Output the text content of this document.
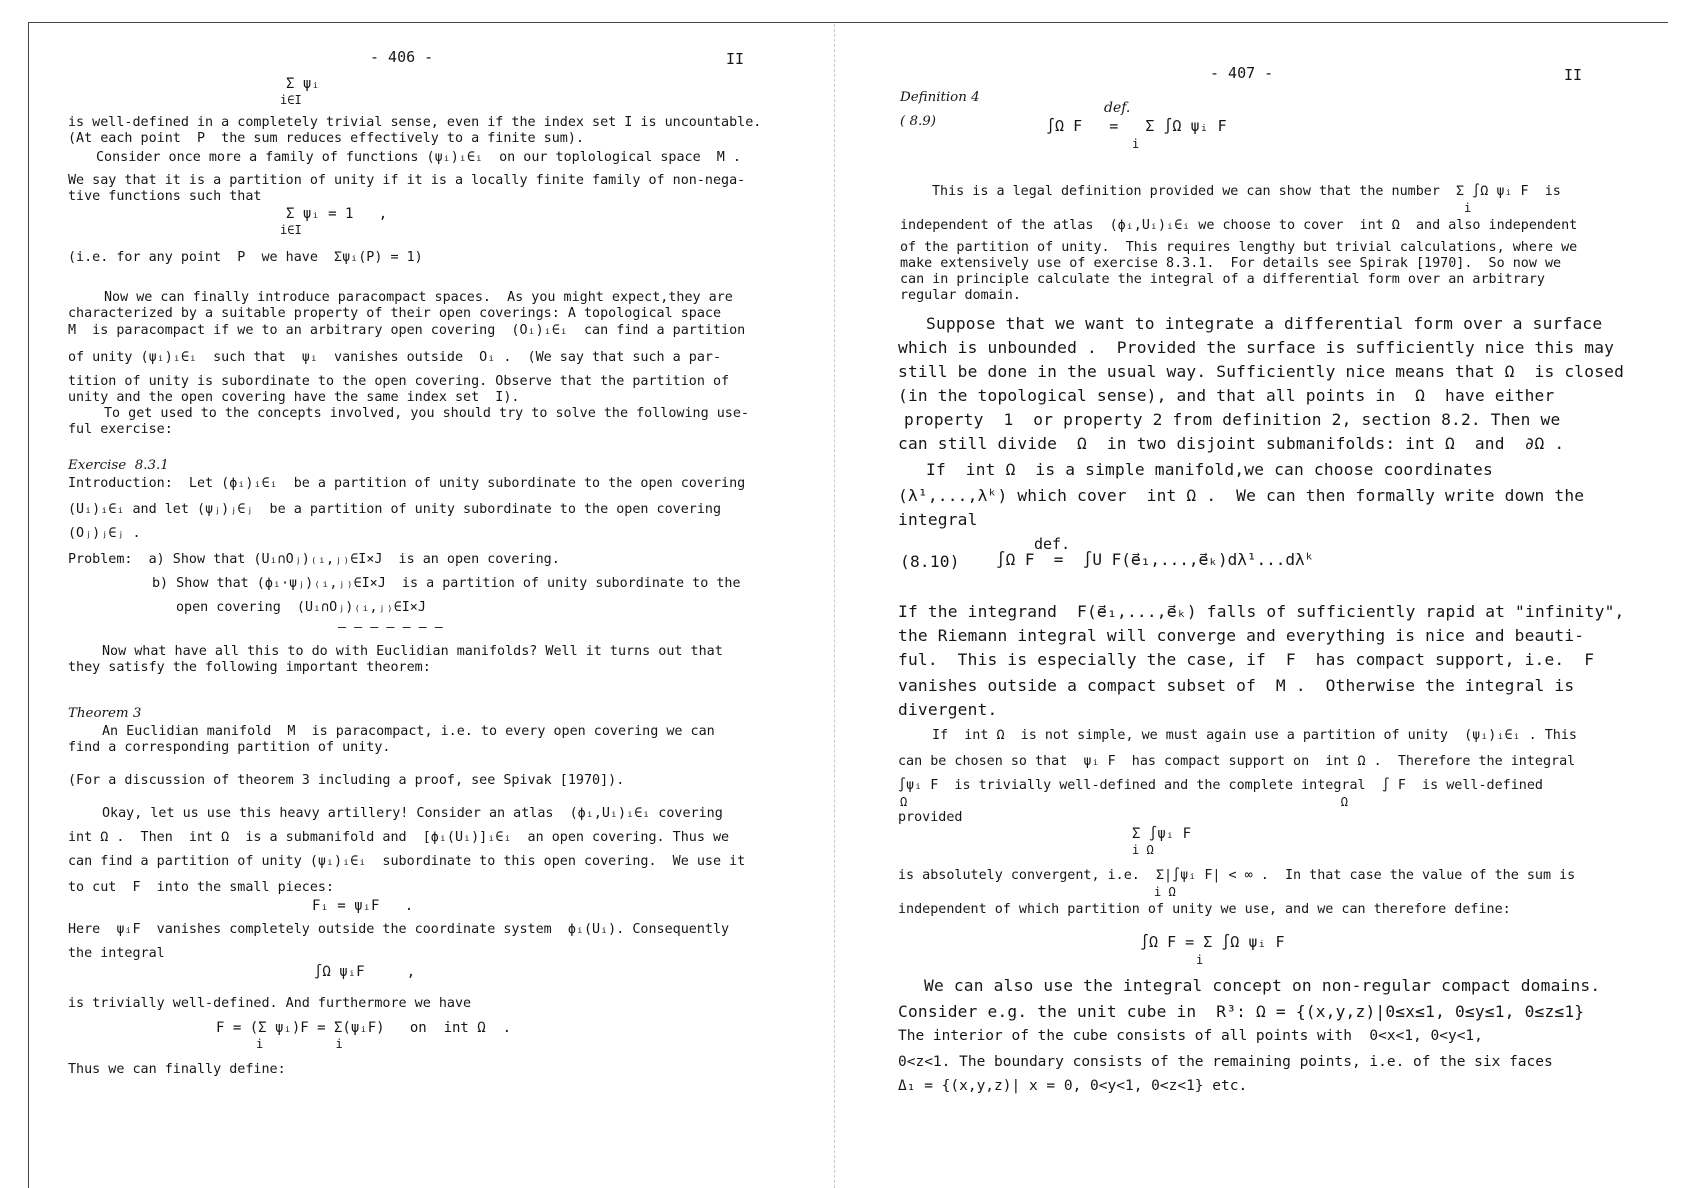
- 406 -	II
Σ ψᵢ
i∈I
is well-defined in a completely trivial sense, even if the index set I is uncountable.
(At each point  P  the sum reduces effectively to a finite sum).
Consider once more a family of functions (ψᵢ)ᵢ∈ᵢ  on our toplological space  M .
We say that it is a partition of unity if it is a locally finite family of non-nega-
tive functions such that
Σ ψᵢ = 1   ,
i∈I
(i.e. for any point  P  we have  Σψᵢ(P) = 1)
Now we can finally introduce paracompact spaces.  As you might expect,they are
characterized by a suitable property of their open coverings: A topological space
M  is paracompact if we to an arbitrary open covering  (Oᵢ)ᵢ∈ᵢ  can find a partition
of unity (ψᵢ)ᵢ∈ᵢ  such that  ψᵢ  vanishes outside  Oᵢ .  (We say that such a par-
tition of unity is subordinate to the open covering. Observe that the partition of
unity and the open covering have the same index set  I).
To get used to the concepts involved, you should try to solve the following use-
ful exercise:
Exercise  8.3.1
Introduction:  Let (ϕᵢ)ᵢ∈ᵢ  be a partition of unity subordinate to the open covering
(Uᵢ)ᵢ∈ᵢ and let (ψⱼ)ⱼ∈ⱼ  be a partition of unity subordinate to the open covering
(Oⱼ)ⱼ∈ⱼ .
Problem:  a) Show that (Uᵢ∩Oⱼ)₍ᵢ,ⱼ₎∈I×J  is an open covering.
b) Show that (ϕᵢ·ψⱼ)₍ᵢ,ⱼ₎∈I×J  is a partition of unity subordinate to the
open covering  (Uᵢ∩Oⱼ)₍ᵢ,ⱼ₎∈I×J
— — — — — — —
Now what have all this to do with Euclidian manifolds? Well it turns out that
they satisfy the following important theorem:
Theorem 3
An Euclidian manifold  M  is paracompact, i.e. to every open covering we can
find a corresponding partition of unity.
(For a discussion of theorem 3 including a proof, see Spivak [1970]).
Okay, let us use this heavy artillery! Consider an atlas  (ϕᵢ,Uᵢ)ᵢ∈ᵢ covering
int Ω .  Then  int Ω  is a submanifold and  [ϕᵢ(Uᵢ)]ᵢ∈ᵢ  an open covering. Thus we
can find a partition of unity (ψᵢ)ᵢ∈ᵢ  subordinate to this open covering.  We use it
to cut  F  into the small pieces:
Fᵢ = ψᵢF   .
Here  ψᵢF  vanishes completely outside the coordinate system  ϕᵢ(Uᵢ). Consequently
the integral
∫Ω ψᵢF     ,
is trivially well-defined. And furthermore we have
F = (Σ ψᵢ)F = Σ(ψᵢF)   on  int Ω  .
i          i
Thus we can finally define:
- 407 -	II
Definition 4
( 8.9)
def.
∫Ω F   =   Σ ∫Ω ψᵢ F
i
This is a legal definition provided we can show that the number  Σ ∫Ω ψᵢ F  is
i
independent of the atlas  (ϕᵢ,Uᵢ)ᵢ∈ᵢ we choose to cover  int Ω  and also independent
of the partition of unity.  This requires lengthy but trivial calculations, where we
make extensively use of exercise 8.3.1.  For details see Spirak [1970].  So now we
can in principle calculate the integral of a differential form over an arbitrary
regular domain.
Suppose that we want to integrate a differential form over a surface
which is unbounded .  Provided the surface is sufficiently nice this may
still be done in the usual way. Sufficiently nice means that Ω  is closed
(in the topological sense), and that all points in  Ω  have either
property  1  or property 2 from definition 2, section 8.2. Then we
can still divide  Ω  in two disjoint submanifolds: int Ω  and  ∂Ω .
If  int Ω  is a simple manifold,we can choose coordinates
(λ¹,...,λᵏ) which cover  int Ω .  We can then formally write down the
integral
(8.10)
def.
∫Ω F  =  ∫U F(e⃗₁,...,e⃗ₖ)dλ¹...dλᵏ
If the integrand  F(e⃗₁,...,e⃗ₖ) falls of sufficiently rapid at "infinity",
the Riemann integral will converge and everything is nice and beauti-
ful.  This is especially the case, if  F  has compact support, i.e.  F
vanishes outside a compact subset of  M .  Otherwise the integral is
divergent.
If  int Ω  is not simple, we must again use a partition of unity  (ψᵢ)ᵢ∈ᵢ . This
can be chosen so that  ψᵢ F  has compact support on  int Ω .  Therefore the integral
∫ψᵢ F  is trivially well-defined and the complete integral  ∫ F  is well-defined
Ω                                                            Ω
provided
Σ ∫ψᵢ F
i Ω
is absolutely convergent, i.e.  Σ|∫ψᵢ F| < ∞ .  In that case the value of the sum is
i Ω
independent of which partition of unity we use, and we can therefore define:
∫Ω F = Σ ∫Ω ψᵢ F
i
We can also use the integral concept on non-regular compact domains.
Consider e.g. the unit cube in  R³: Ω = {(x,y,z)|0≤x≤1, 0≤y≤1, 0≤z≤1}
The interior of the cube consists of all points with  0<x<1, 0<y<1,
0<z<1. The boundary consists of the remaining points, i.e. of the six faces
Δ₁ = {(x,y,z)| x = 0, 0<y<1, 0<z<1} etc.
